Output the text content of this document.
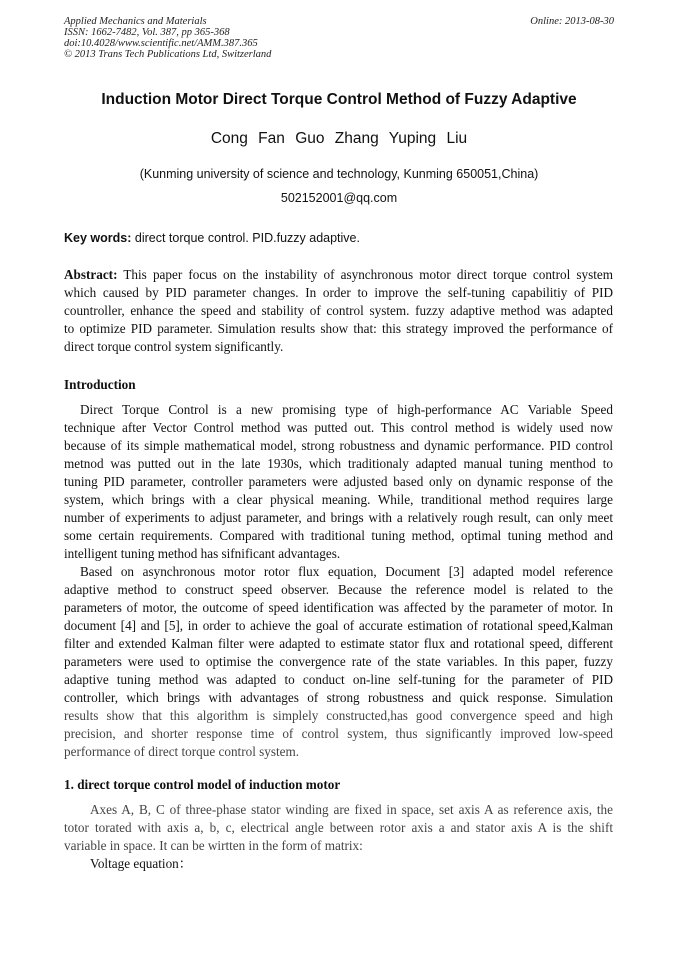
Applied Mechanics and Materials
ISSN: 1662-7482, Vol. 387, pp 365-368
doi:10.4028/www.scientific.net/AMM.387.365
© 2013 Trans Tech Publications Ltd, Switzerland
Online: 2013-08-30
Induction Motor Direct Torque Control Method of Fuzzy Adaptive
Cong Fan Guo Zhang Yuping Liu
(Kunming university of science and technology, Kunming 650051,China)
502152001@qq.com
Key words: direct torque control. PID.fuzzy adaptive.
Abstract: This paper focus on the instability of asynchronous motor direct torque control system
which caused by PID parameter changes. In order to improve the self-tuning capabilitiy of PID
countroller, enhance the speed and stability of control system. fuzzy adaptive method was adapted
to optimize PID parameter. Simulation results show that: this strategy improved the performance of
direct torque control system significantly.
Introduction
Direct Torque Control is a new promising type of high-performance AC Variable Speed
technique after Vector Control method was putted out. This control method is widely used now
because of its simple mathematical model, strong robustness and dynamic performance. PID control
metnod was putted out in the late 1930s, which traditionaly adapted manual tuning menthod to
tuning PID parameter, controller parameters were adjusted based only on dynamic response of the
system, which brings with a clear physical meaning. While, tranditional method requires large
number of experiments to adjust parameter, and brings with a relatively rough result, can only meet
some certain requirements. Compared with traditional tuning method, optimal tuning method and
intelligent tuning method has sifnificant advantages.
Based on asynchronous motor rotor flux equation, Document [3] adapted model reference
adaptive method to construct speed observer. Because the reference model is related to the
parameters of motor, the outcome of speed identification was affected by the parameter of motor. In
document [4] and [5], in order to achieve the goal of accurate estimation of rotational speed,Kalman
filter and extended Kalman filter were adapted to estimate stator flux and rotational speed, different
parameters were used to optimise the convergence rate of the state variables. In this paper, fuzzy
adaptive tuning method was adapted to conduct on-line self-tuning for the parameter of PID
controller, which brings with advantages of strong robustness and quick response. Simulation
results show that this algorithm is simplely constructed,has good convergence speed and high
precision, and shorter response time of control system, thus significantly improved low-speed
performance of direct torque control system.
1. direct torque control model of induction motor
Axes A, B, C of three-phase stator winding are fixed in space, set axis A as reference axis, the
totor torated with axis a, b, c, electrical angle between rotor axis a and stator axis A is the shift
variable in space. It can be wirtten in the form of matrix:
Voltage equation：
